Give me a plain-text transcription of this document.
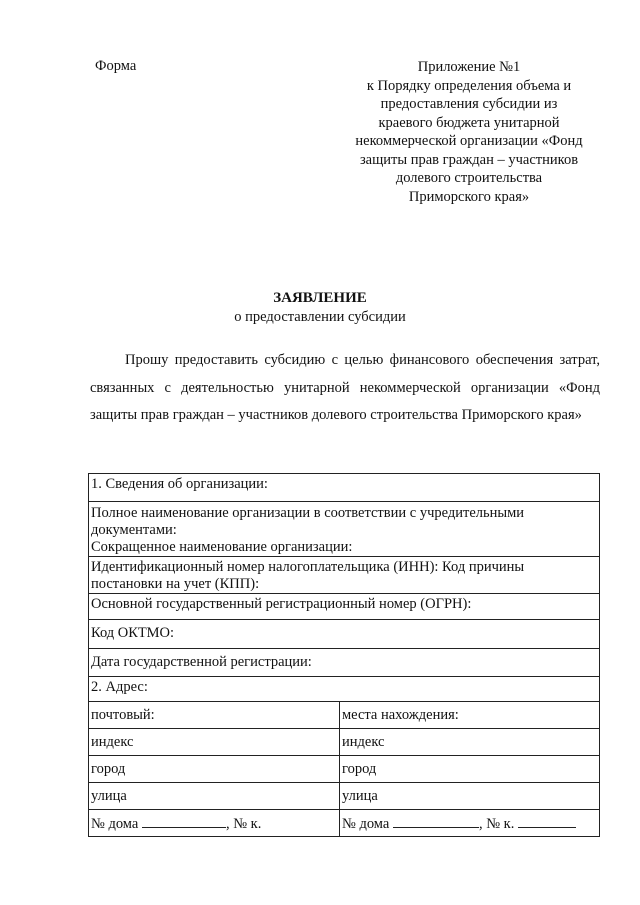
Форма	Приложение №1
к Порядку определения объема и
предоставления субсидии из
краевого бюджета унитарной
некоммерческой организации «Фонд
защиты прав граждан – участников
долевого строительства
Приморского края»
ЗАЯВЛЕНИЕ
о предоставлении субсидии
Прошу предоставить субсидию с целью финансового обеспечения затрат, связанных с деятельностью унитарной некоммерческой организации «Фонд защиты прав граждан – участников долевого строительства Приморского края»
1. Сведения об организации:	

Полное наименование организации в соответствии с учредительными
документами:
Сокращенное наименование организации:	

Идентификационный номер налогоплательщика (ИНН): Код причины
постановки на учет (КПП):	

Основной государственный регистрационный номер (ОГРН):	
Код ОКТМО:	
Дата государственной регистрации:	
2. Адрес:	
почтовый:	места нахождения:
индекс	индекс
город	город
улица	улица
№ дома , № к.	№ дома , № к.
